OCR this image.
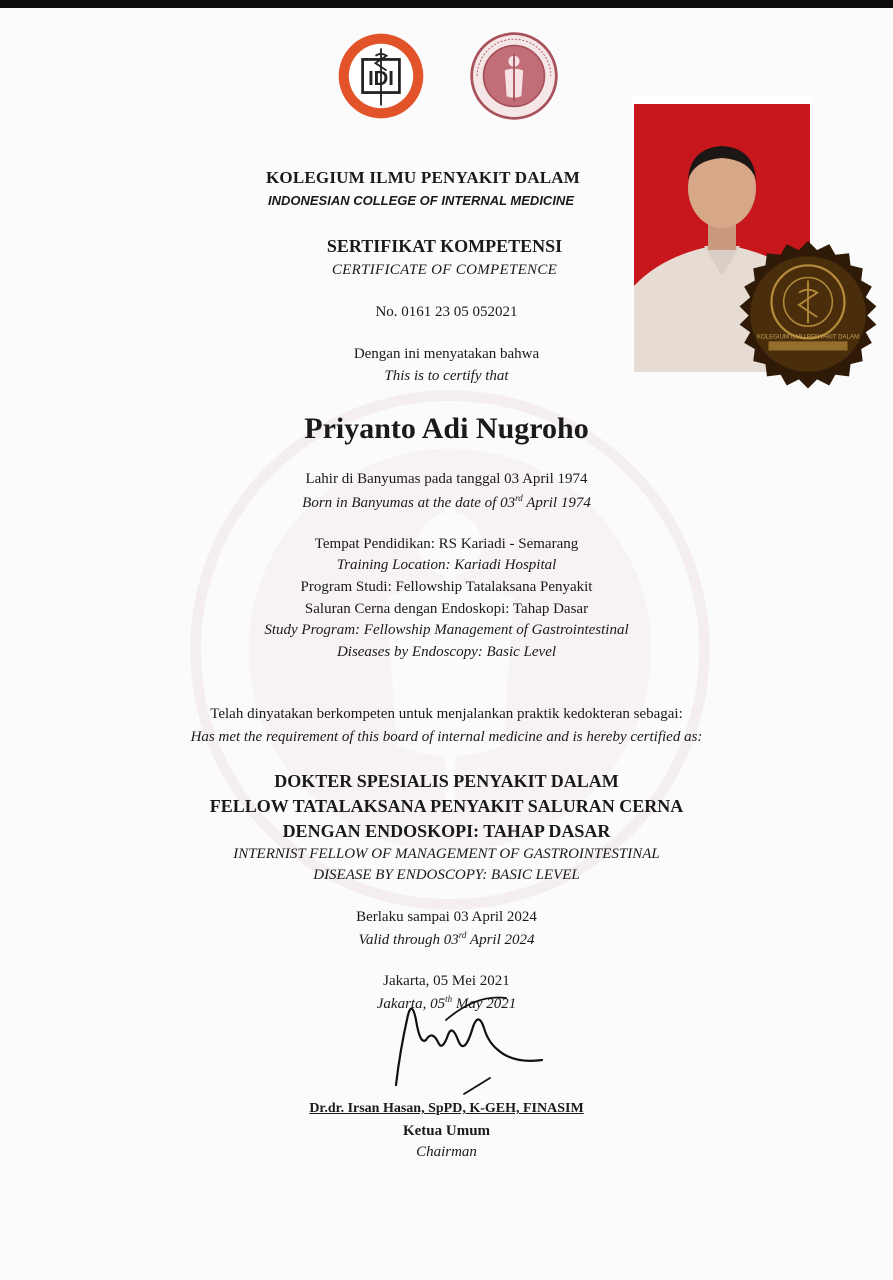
IDI
KOLEGIUM ILMU PENYAKIT DALAM
KOLEGIUM ILMU PENYAKIT DALAM
INDONESIAN COLLEGE OF INTERNAL MEDICINE
SERTIFIKAT KOMPETENSI
CERTIFICATE OF COMPETENCE
No. 0161 23 05 052021
Dengan ini menyatakan bahwa
This is to certify that
Priyanto Adi Nugroho
Lahir di Banyumas pada tanggal 03 April 1974
Born in Banyumas at the date of 03rd April 1974
Tempat Pendidikan: RS Kariadi - Semarang
Training Location: Kariadi Hospital
Program Studi: Fellowship Tatalaksana Penyakit
Saluran Cerna dengan Endoskopi: Tahap Dasar
Study Program: Fellowship Management of Gastrointestinal
Diseases by Endoscopy: Basic Level
Telah dinyatakan berkompeten untuk menjalankan praktik kedokteran sebagai:
Has met the requirement of this board of internal medicine and is hereby certified as:
DOKTER SPESIALIS PENYAKIT DALAM
FELLOW TATALAKSANA PENYAKIT SALURAN CERNA
DENGAN ENDOSKOPI: TAHAP DASAR
INTERNIST FELLOW OF MANAGEMENT OF GASTROINTESTINAL
DISEASE BY ENDOSCOPY: BASIC LEVEL
Berlaku sampai 03 April 2024
Valid through 03rd April 2024
Jakarta, 05 Mei 2021
Jakarta, 05th May 2021
Dr.dr. Irsan Hasan, SpPD, K-GEH, FINASIM
Ketua Umum
Chairman
